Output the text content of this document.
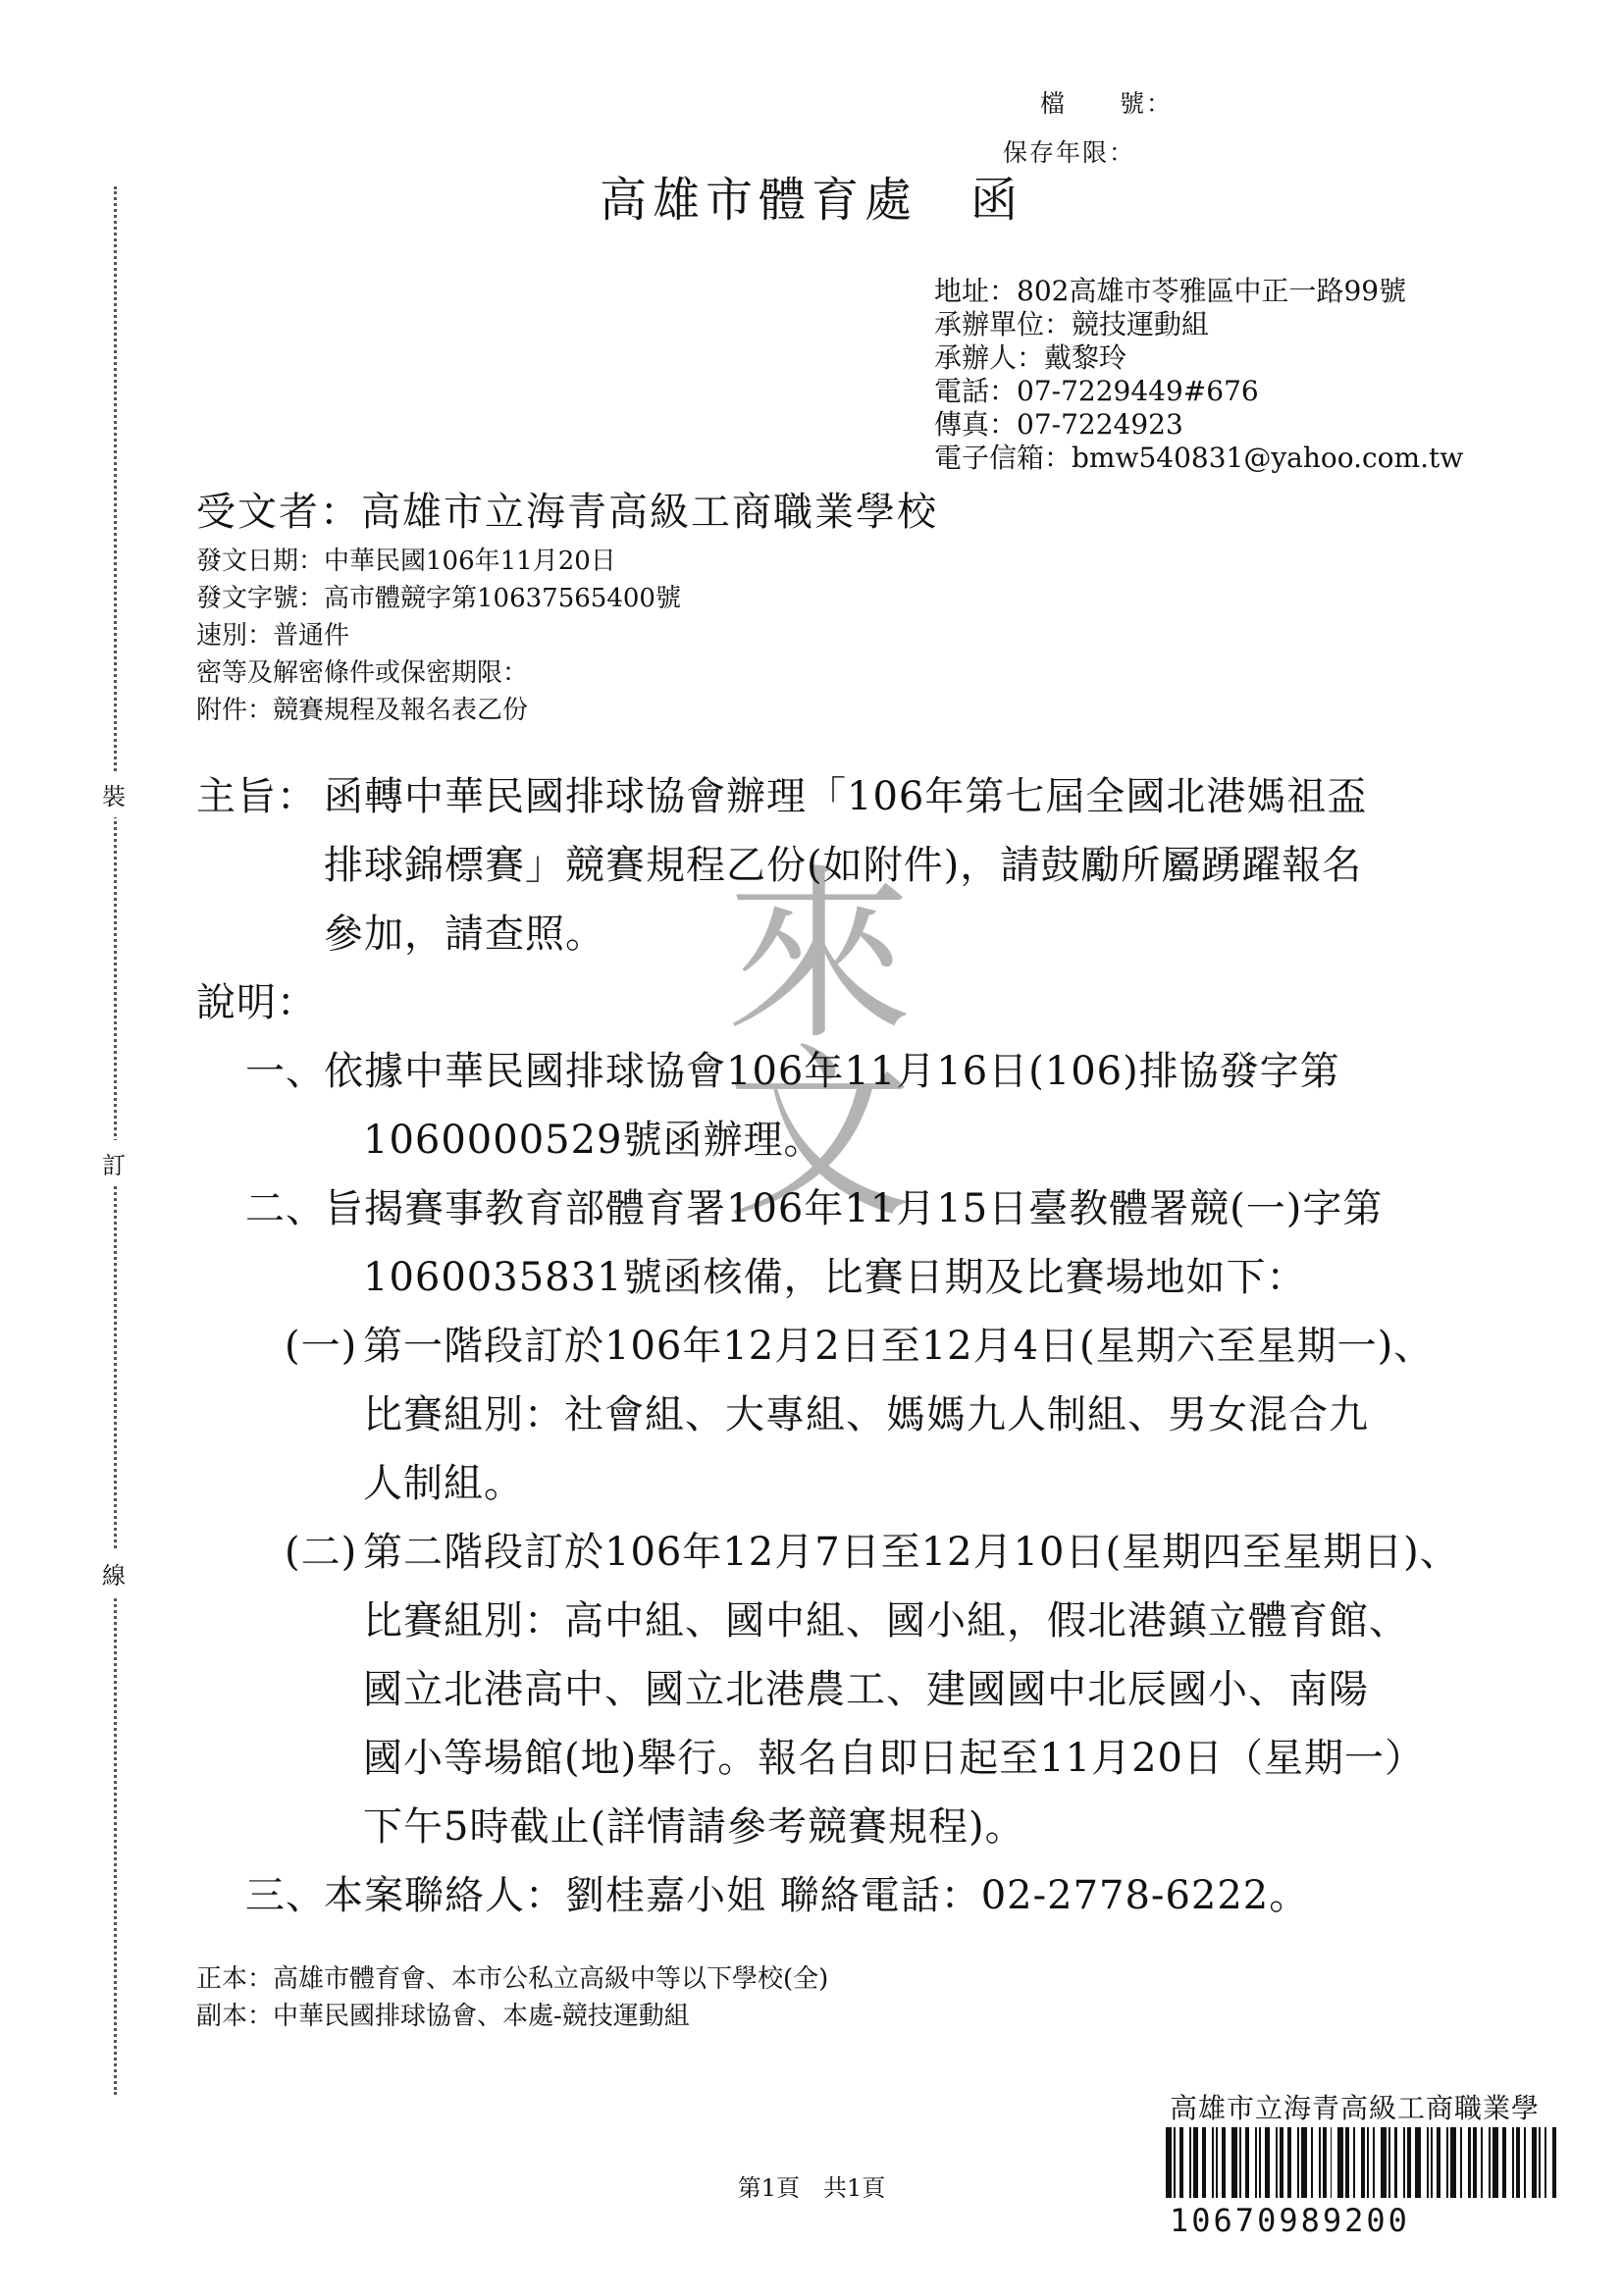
裝
訂
線
來
文
檔　　號：
保存年限：
高雄市體育處　函
地址：802高雄市苓雅區中正一路99號
承辦單位：競技運動組
承辦人：戴黎玲
電話：07-7229449#676
傳真：07-7224923
電子信箱：bmw540831@yahoo.com.tw
受文者：高雄市立海青高級工商職業學校
發文日期：中華民國106年11月20日
發文字號：高市體競字第10637565400號
速別：普通件
密等及解密條件或保密期限：
附件：競賽規程及報名表乙份
主旨： 函轉中華民國排球協會辦理「106年第七屆全國北港媽祖盃
排球錦標賽」競賽規程乙份(如附件)，請鼓勵所屬踴躍報名
參加，請查照。
說明：
一、
依據中華民國排球協會106年11月16日(106)排協發字第
1060000529號函辦理。
二、
旨揭賽事教育部體育署106年11月15日臺教體署競(一)字第
1060035831號函核備，比賽日期及比賽場地如下：
(一) 第一階段訂於106年12月2日至12月4日(星期六至星期一)、
比賽組別：社會組、大專組、媽媽九人制組、男女混合九
人制組。
(二) 第二階段訂於106年12月7日至12月10日(星期四至星期日)、
比賽組別：高中組、國中組、國小組，假北港鎮立體育館、
國立北港高中、國立北港農工、建國國中北辰國小、南陽
國小等場館(地)舉行。報名自即日起至11月20日（星期一）
下午5時截止(詳情請參考競賽規程)。
三、
本案聯絡人：劉桂嘉小姐 聯絡電話：02-2778-6222。
正本：高雄市體育會、本市公私立高級中等以下學校(全)
副本：中華民國排球協會、本處-競技運動組
高雄市立海青高級工商職業學
10670989200
第1頁　共1頁
